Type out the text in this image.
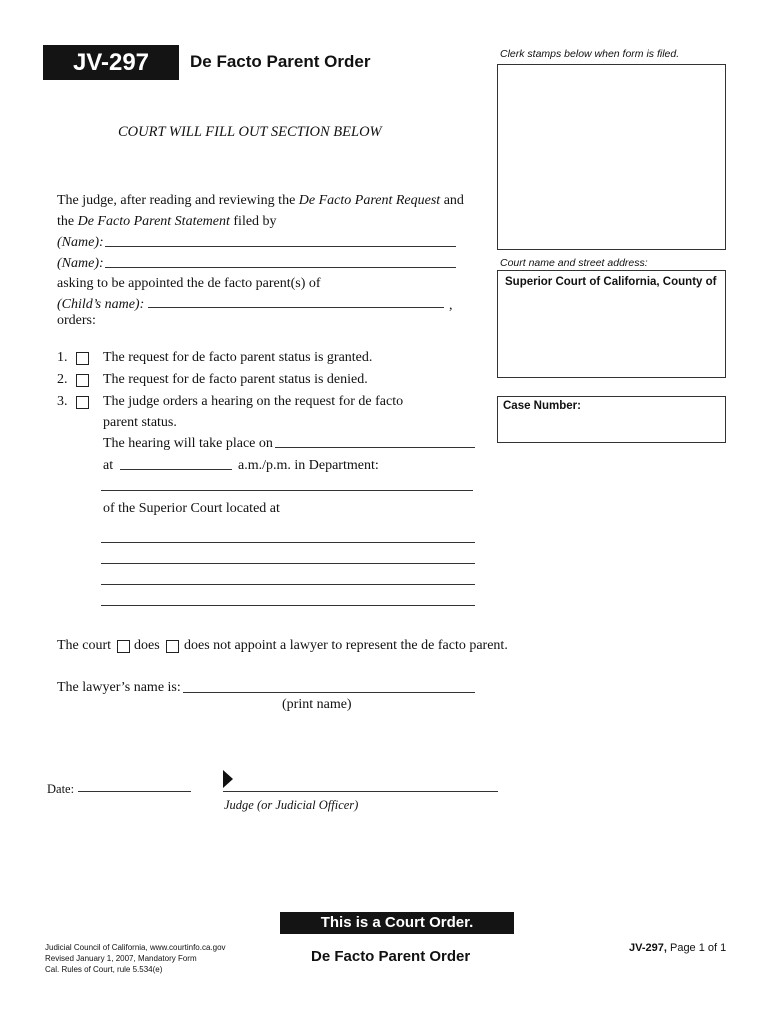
JV-297	De Facto Parent Order	Clerk stamps below when form is filed.
Court name and street address:
Superior Court of California, County of
Case Number:
COURT WILL FILL OUT SECTION BELOW
The judge, after reading and reviewing the De Facto Parent Request and
the De Facto Parent Statement filed by
(Name):
(Name):
asking to be appointed the de facto parent(s) of
(Child’s name):	,
orders:
1.	The request for de facto parent status is granted.
2.	The request for de facto parent status is denied.
3.	The judge orders a hearing on the request for de facto
parent status.
The hearing will take place on
at	a.m./p.m. in Department:
of the Superior Court located at
The court does does not appoint a lawyer to represent the de facto parent.
The lawyer’s name is:
(print name)
Date:
Judge (or Judicial Officer)
This is a Court Order.
Judicial Council of California, www.courtinfo.ca.gov
Revised January 1, 2007, Mandatory Form
Cal. Rules of Court, rule 5.534(e)
De Facto Parent Order	JV-297, Page 1 of 1
